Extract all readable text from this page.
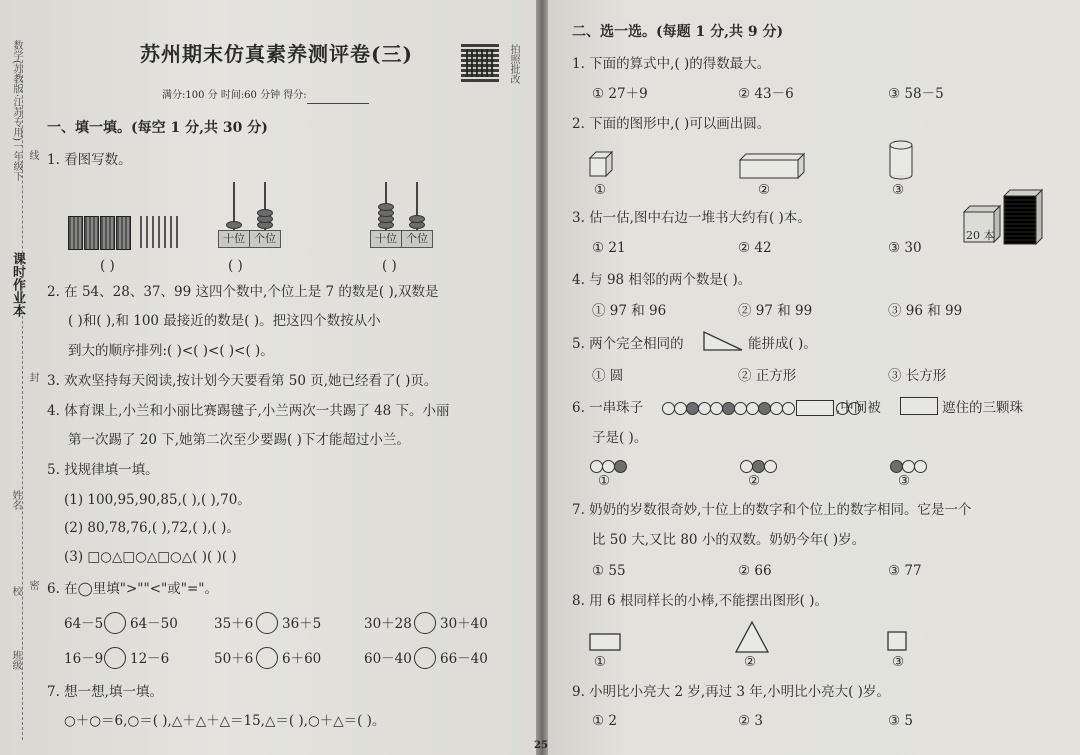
数学(苏教版·江苏专用)一年级下
课时作业本
线
封
姓名
密
校
班级
苏州期末仿真素养测评卷(三)	拍照批改
满分:100 分 时间:60 分钟 得分:
一、填一填。(每空 1 分,共 30 分)
1. 看图写数。
( )
十位 个位
( )
十位 个位
( )
2. 在 54、28、37、99 这四个数中,个位上是 7 的数是( ),双数是
( )和( ),和 100 最接近的数是( )。把这四个数按从小
到大的顺序排列:( )<( )<( )<( )。
3. 欢欢坚持每天阅读,按计划今天要看第 50 页,她已经看了( )页。
4. 体育课上,小兰和小丽比赛踢毽子,小兰两次一共踢了 48 下。小丽
第一次踢了 20 下,她第二次至少要踢( )下才能超过小兰。
5. 找规律填一填。
(1) 100,95,90,85,( ),( ),70。
(2) 80,78,76,( ),72,( ),( )。
(3) □○△□○△□○△( )( )( )
6. 在◯里填">""<"或"="。
64－5 64－50	35＋6 36＋5	30＋28 30＋40
16－9 12－6	50＋6 6＋60	60－40 66－40
7. 想一想,填一填。
○＋○＝6,○＝( ),△＋△＋△＝15,△＝( ),○＋△＝( )。
25
二、选一选。(每题 1 分,共 9 分)
1. 下面的算式中,( )的得数最大。
① 27＋9	② 43－6	③ 58－5
2. 下面的图形中,( )可以画出圆。
①	②	③
3. 估一估,图中右边一堆书大约有( )本。
20 本
① 21	② 42	③ 30
4. 与 98 相邻的两个数是( )。
① 97 和 96	② 97 和 99	③ 96 和 99
5. 两个完全相同的	能拼成( )。
① 圆	② 正方形	③ 长方形
6. 一串珠子	,中间被	遮住的三颗珠
子是( )。
①	②	③
7. 奶奶的岁数很奇妙,十位上的数字和个位上的数字相同。它是一个
比 50 大,又比 80 小的双数。奶奶今年( )岁。
① 55	② 66	③ 77
8. 用 6 根同样长的小棒,不能摆出图形( )。
①	②	③
9. 小明比小亮大 2 岁,再过 3 年,小明比小亮大( )岁。
① 2	② 3	③ 5
